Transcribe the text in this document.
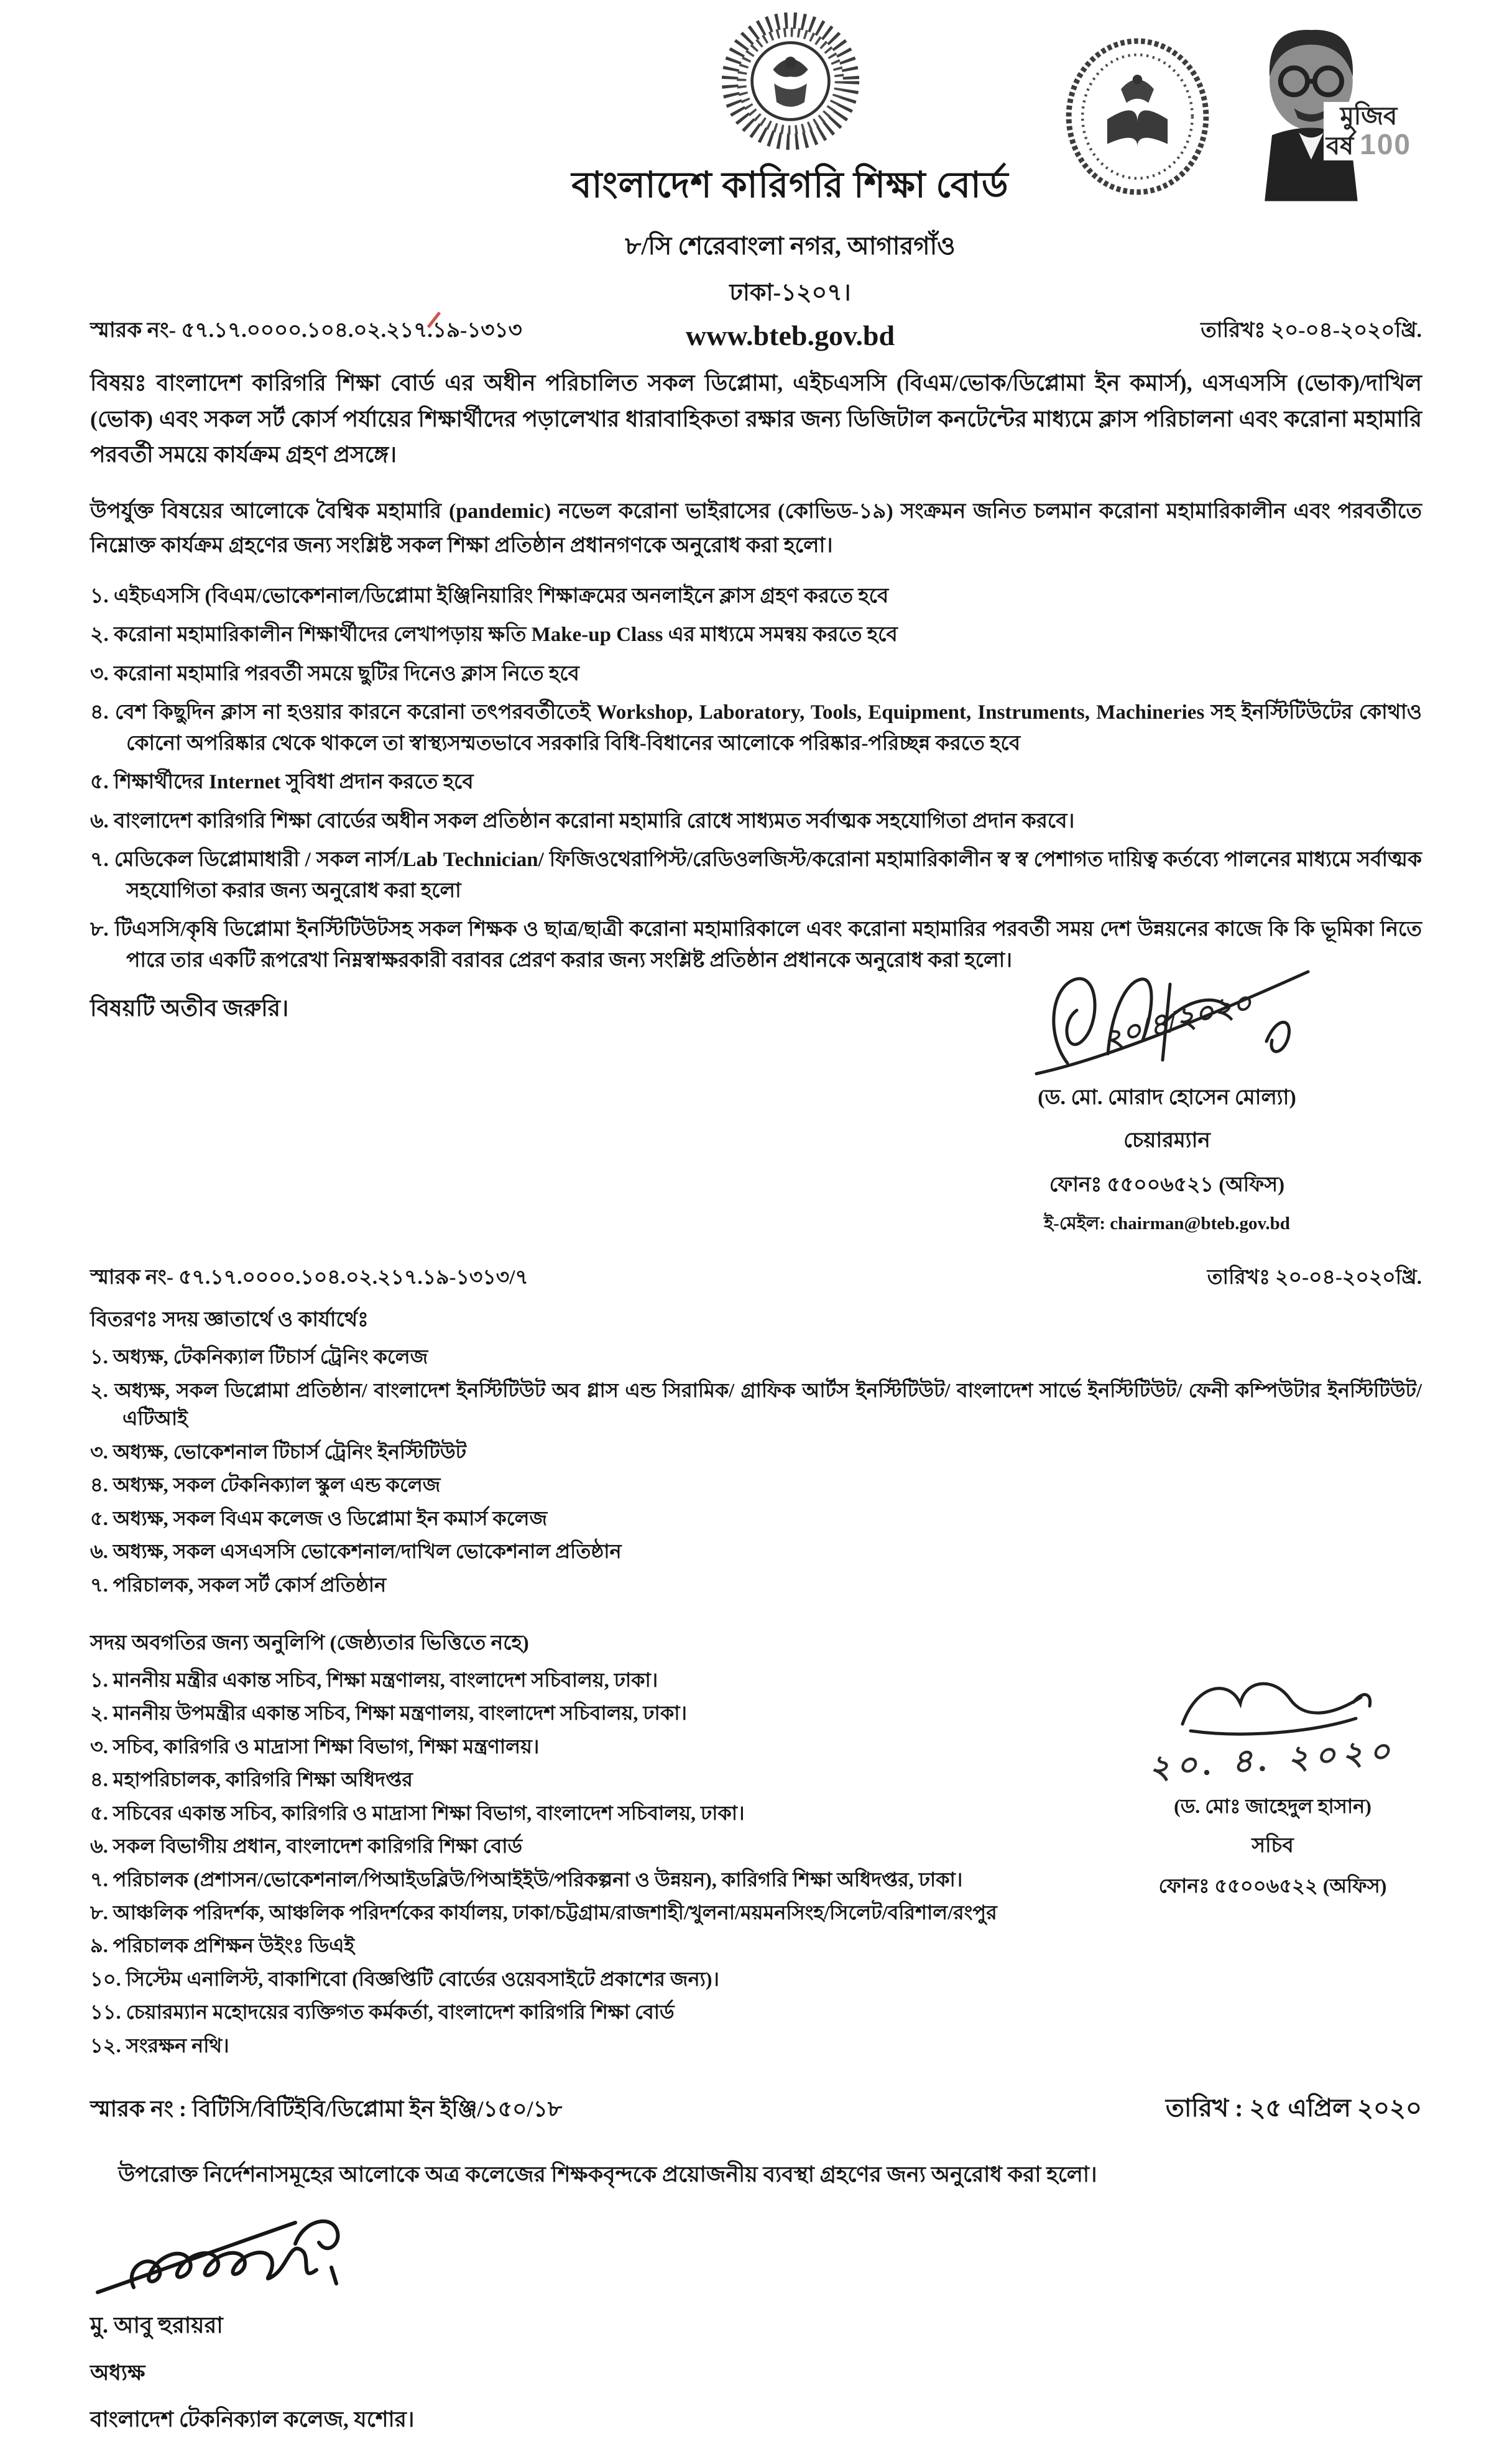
বাংলাদেশ কারিগরি শিক্ষা বোর্ড
৮/সি শেরেবাংলা নগর, আগারগাঁও
ঢাকা-১২০৭।
www.bteb.gov.bd
মুজিব
বর্ষ 100
স্মারক নং- ৫৭.১৭.০০০০.১০৪.০২.২১৭.১৯-১৩১৩	তারিখঃ ২০-০৪-২০২০খ্রি.
বিষয়ঃ বাংলাদেশ কারিগরি শিক্ষা বোর্ড এর অধীন পরিচালিত সকল ডিপ্লোমা, এইচএসসি (বিএম/ভোক/ডিপ্লোমা ইন কমার্স), এসএসসি (ভোক)/দাখিল (ভোক) এবং সকল সর্ট কোর্স পর্যায়ের শিক্ষার্থীদের পড়ালেখার ধারাবাহিকতা রক্ষার জন্য ডিজিটাল কনটেন্টের মাধ্যমে ক্লাস পরিচালনা এবং করোনা মহামারি পরবর্তী সময়ে কার্যক্রম গ্রহণ প্রসঙ্গে।
উপর্যুক্ত বিষয়ের আলোকে বৈশ্বিক মহামারি (pandemic) নভেল করোনা ভাইরাসের (কোভিড-১৯) সংক্রমন জনিত চলমান করোনা মহামারিকালীন এবং পরবর্তীতে নিম্নোক্ত কার্যক্রম গ্রহণের জন্য সংশ্লিষ্ট সকল শিক্ষা প্রতিষ্ঠান প্রধানগণকে অনুরোধ করা হলো।
১. এইচএসসি (বিএম/ভোকেশনাল/ডিপ্লোমা ইঞ্জিনিয়ারিং শিক্ষাক্রমের অনলাইনে ক্লাস গ্রহণ করতে হবে
২. করোনা মহামারিকালীন শিক্ষার্থীদের লেখাপড়ায় ক্ষতি Make-up Class এর মাধ্যমে সমন্বয় করতে হবে
৩. করোনা মহামারি পরবর্তী সময়ে ছুটির দিনেও ক্লাস নিতে হবে
৪. বেশ কিছুদিন ক্লাস না হওয়ার কারনে করোনা তৎপরবর্তীতেই Workshop, Laboratory, Tools, Equipment, Instruments, Machineries সহ ইনস্টিটিউটের কোথাও কোনো অপরিষ্কার থেকে থাকলে তা স্বাস্থ্যসম্মতভাবে সরকারি বিধি-বিধানের আলোকে পরিষ্কার-পরিচ্ছন্ন করতে হবে
৫. শিক্ষার্থীদের Internet সুবিধা প্রদান করতে হবে
৬. বাংলাদেশ কারিগরি শিক্ষা বোর্ডের অধীন সকল প্রতিষ্ঠান করোনা মহামারি রোধে সাধ্যমত সর্বাত্মক সহযোগিতা প্রদান করবে।
৭. মেডিকেল ডিপ্লোমাধারী / সকল নার্স/Lab Technician/ ফিজিওথেরাপিস্ট/রেডিওলজিস্ট/করোনা মহামারিকালীন স্ব স্ব পেশাগত দায়িত্ব কর্তব্যে পালনের মাধ্যমে সর্বাত্মক সহযোগিতা করার জন্য অনুরোধ করা হলো
৮. টিএসসি/কৃষি ডিপ্লোমা ইনস্টিটিউটসহ সকল শিক্ষক ও ছাত্র/ছাত্রী করোনা মহামারিকালে এবং করোনা মহামারির পরবর্তী সময় দেশ উন্নয়নের কাজে কি কি ভূমিকা নিতে পারে তার একটি রূপরেখা নিম্নস্বাক্ষরকারী বরাবর প্রেরণ করার জন্য সংশ্লিষ্ট প্রতিষ্ঠান প্রধানকে অনুরোধ করা হলো।
বিষয়টি অতীব জরুরি।	২০/৪/২০২০
(ড. মো. মোরাদ হোসেন মোল্যা)
চেয়ারম্যান
ফোনঃ ৫৫০০৬৫২১ (অফিস)
ই-মেইল: chairman@bteb.gov.bd
স্মারক নং- ৫৭.১৭.০০০০.১০৪.০২.২১৭.১৯-১৩১৩/৭	তারিখঃ ২০-০৪-২০২০খ্রি.
বিতরণঃ সদয় জ্ঞাতার্থে ও কার্যার্থেঃ
১. অধ্যক্ষ, টেকনিক্যাল টিচার্স ট্রেনিং কলেজ
২. অধ্যক্ষ, সকল ডিপ্লোমা প্রতিষ্ঠান/ বাংলাদেশ ইনস্টিটিউট অব গ্লাস এন্ড সিরামিক/ গ্রাফিক আর্টস ইনস্টিটিউট/ বাংলাদেশ সার্ভে ইনস্টিটিউট/ ফেনী কম্পিউটার ইনস্টিটিউট/ এটিআই
৩. অধ্যক্ষ, ভোকেশনাল টিচার্স ট্রেনিং ইনস্টিটিউট
৪. অধ্যক্ষ, সকল টেকনিক্যাল স্কুল এন্ড কলেজ
৫. অধ্যক্ষ, সকল বিএম কলেজ ও ডিপ্লোমা ইন কমার্স কলেজ
৬. অধ্যক্ষ, সকল এসএসসি ভোকেশনাল/দাখিল ভোকেশনাল প্রতিষ্ঠান
৭. পরিচালক, সকল সর্ট কোর্স প্রতিষ্ঠান
সদয় অবগতির জন্য অনুলিপি (জেষ্ঠ্যতার ভিত্তিতে নহে)
১. মাননীয় মন্ত্রীর একান্ত সচিব, শিক্ষা মন্ত্রণালয়, বাংলাদেশ সচিবালয়, ঢাকা।
২. মাননীয় উপমন্ত্রীর একান্ত সচিব, শিক্ষা মন্ত্রণালয়, বাংলাদেশ সচিবালয়, ঢাকা।
৩. সচিব, কারিগরি ও মাদ্রাসা শিক্ষা বিভাগ, শিক্ষা মন্ত্রণালয়।
৪. মহাপরিচালক, কারিগরি শিক্ষা অধিদপ্তর
৫. সচিবের একান্ত সচিব, কারিগরি ও মাদ্রাসা শিক্ষা বিভাগ, বাংলাদেশ সচিবালয়, ঢাকা।
৬. সকল বিভাগীয় প্রধান, বাংলাদেশ কারিগরি শিক্ষা বোর্ড
৭. পরিচালক (প্রশাসন/ভোকেশনাল/পিআইডব্লিউ/পিআইইউ/পরিকল্পনা ও উন্নয়ন), কারিগরি শিক্ষা অধিদপ্তর, ঢাকা।
৮. আঞ্চলিক পরিদর্শক, আঞ্চলিক পরিদর্শকের কার্যালয়, ঢাকা/চট্টগ্রাম/রাজশাহী/খুলনা/ময়মনসিংহ/সিলেট/বরিশাল/রংপুর
৯. পরিচালক প্রশিক্ষন উইংঃ ডিএই
১০. সিস্টেম এনালিস্ট, বাকাশিবো (বিজ্ঞপ্তিটি বোর্ডের ওয়েবসাইটে প্রকাশের জন্য)।
১১. চেয়ারম্যান মহোদয়ের ব্যক্তিগত কর্মকর্তা, বাংলাদেশ কারিগরি শিক্ষা বোর্ড
১২. সংরক্ষন নথি।
স্মারক নং : বিটিসি/বিটিইবি/ডিপ্লোমা ইন ইঞ্জি/১৫০/১৮	তারিখ : ২৫ এপ্রিল ২০২০
উপরোক্ত নির্দেশনাসমূহের আলোকে অত্র কলেজের শিক্ষকবৃন্দকে প্রয়োজনীয় ব্যবস্থা গ্রহণের জন্য অনুরোধ করা হলো।
মু. আবু হুরায়রা
অধ্যক্ষ
বাংলাদেশ টেকনিক্যাল কলেজ, যশোর।
২০. ৪. ২০২০
(ড. মোঃ জাহেদুল হাসান)
সচিব
ফোনঃ ৫৫০০৬৫২২ (অফিস)
